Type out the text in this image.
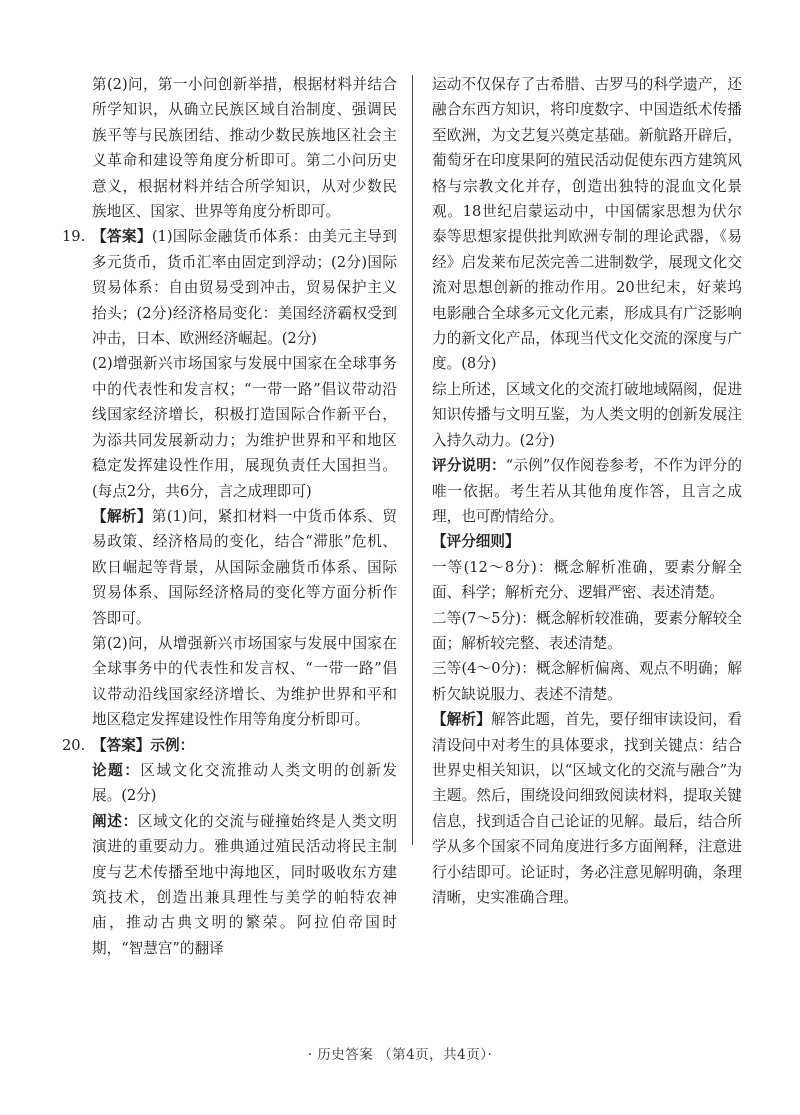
第(2)问，第一小问创新举措，根据材料并结合所学知识，从确立民族区域自治制度、强调民族平等与民族团结、推动少数民族地区社会主义革命和建设等角度分析即可。第二小问历史意义，根据材料并结合所学知识，从对少数民族地区、国家、世界等角度分析即可。

19. 【答案】(1)国际金融货币体系：由美元主导到多元货币，货币汇率由固定到浮动；(2分)国际贸易体系：自由贸易受到冲击，贸易保护主义抬头；(2分)经济格局变化：美国经济霸权受到冲击，日本、欧洲经济崛起。(2分)

(2)增强新兴市场国家与发展中国家在全球事务中的代表性和发言权；“一带一路”倡议带动沿线国家经济增长，积极打造国际合作新平台，为添共同发展新动力；为维护世界和平和地区稳定发挥建设性作用，展现负责任大国担当。(每点2分，共6分，言之成理即可)

【解析】第(1)问，紧扣材料一中货币体系、贸易政策、经济格局的变化，结合“滞胀”危机、欧日崛起等背景，从国际金融货币体系、国际贸易体系、国际经济格局的变化等方面分析作答即可。

第(2)问，从增强新兴市场国家与发展中国家在全球事务中的代表性和发言权、“一带一路”倡议带动沿线国家经济增长、为维护世界和平和地区稳定发挥建设性作用等角度分析即可。

20. 【答案】示例：

论题：区域文化交流推动人类文明的创新发展。(2分)

阐述：区域文化的交流与碰撞始终是人类文明演进的重要动力。雅典通过殖民活动将民主制度与艺术传播至地中海地区，同时吸收东方建筑技术，创造出兼具理性与美学的帕特农神庙，推动古典文明的繁荣。阿拉伯帝国时期，“智慧宫”的翻译

运动不仅保存了古希腊、古罗马的科学遗产，还融合东西方知识，将印度数字、中国造纸术传播至欧洲，为文艺复兴奠定基础。新航路开辟后，葡萄牙在印度果阿的殖民活动促使东西方建筑风格与宗教文化并存，创造出独特的混血文化景观。18世纪启蒙运动中，中国儒家思想为伏尔泰等思想家提供批判欧洲专制的理论武器，《易经》启发莱布尼茨完善二进制数学，展现文化交流对思想创新的推动作用。20世纪末，好莱坞电影融合全球多元文化元素，形成具有广泛影响力的新文化产品，体现当代文化交流的深度与广度。(8分)

综上所述，区域文化的交流打破地域隔阂，促进知识传播与文明互鉴，为人类文明的创新发展注入持久动力。(2分)

评分说明：“示例”仅作阅卷参考，不作为评分的唯一依据。考生若从其他角度作答，且言之成理，也可酌情给分。

【评分细则】

一等(12～8分)：概念解析准确，要素分解全面、科学；解析充分、逻辑严密、表述清楚。

二等(7～5分)：概念解析较准确，要素分解较全面；解析较完整、表述清楚。

三等(4～0分)：概念解析偏离、观点不明确；解析欠缺说服力、表述不清楚。

【解析】解答此题，首先，要仔细审读设问，看清设问中对考生的具体要求，找到关键点：结合世界史相关知识，以“区域文化的交流与融合”为主题。然后，围绕设问细致阅读材料，提取关键信息，找到适合自己论证的见解。最后，结合所学从多个国家不同角度进行多方面阐释，注意进行小结即可。论证时，务必注意见解明确，条理清晰，史实准确合理。

· 历史答案 （第4页，共4页）·
